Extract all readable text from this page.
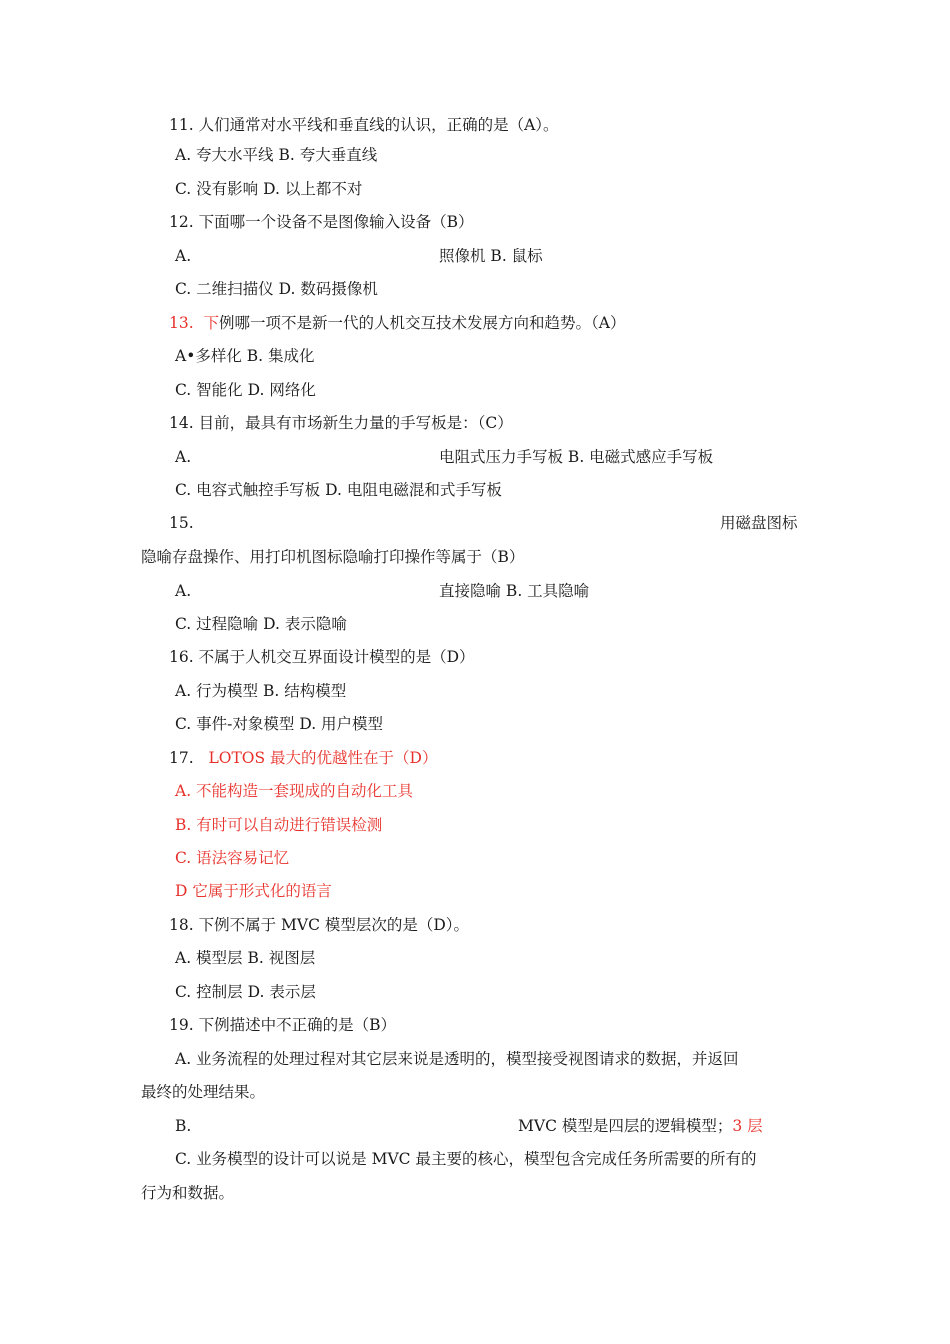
11. 人们通常对水平线和垂直线的认识，正确的是（A）。

A. 夸大水平线 B. 夸大垂直线

C. 没有影响 D. 以上都不对

12. 下面哪一个设备不是图像输入设备（B）

A.	照像机 B. 鼠标

C. 二维扫描仪 D. 数码摄像机

13. 下例哪一项不是新一代的人机交互技术发展方向和趋势。（A）

A•多样化 B. 集成化

C. 智能化 D. 网络化

14. 目前，最具有市场新生力量的手写板是：（C）

A.	电阻式压力手写板 B. 电磁式感应手写板

C. 电容式触控手写板 D. 电阻电磁混和式手写板

15.	用磁盘图标

隐喻存盘操作、用打印机图标隐喻打印操作等属于（B）

A.	直接隐喻 B. 工具隐喻

C. 过程隐喻 D. 表示隐喻

16. 不属于人机交互界面设计模型的是（D）

A. 行为模型 B. 结构模型

C. 事件-对象模型 D. 用户模型

17. LOTOS 最大的优越性在于（D）

A. 不能构造一套现成的自动化工具

B. 有时可以自动进行错误检测

C. 语法容易记忆

D 它属于形式化的语言

18. 下例不属于 MVC 模型层次的是（D）。

A. 模型层 B. 视图层

C. 控制层 D. 表示层

19. 下例描述中不正确的是（B）

A. 业务流程的处理过程对其它层来说是透明的，模型接受视图请求的数据，并返回

最终的处理结果。

B.	MVC 模型是四层的逻辑模型；3 层

C. 业务模型的设计可以说是 MVC 最主要的核心，模型包含完成任务所需要的所有的

行为和数据。
